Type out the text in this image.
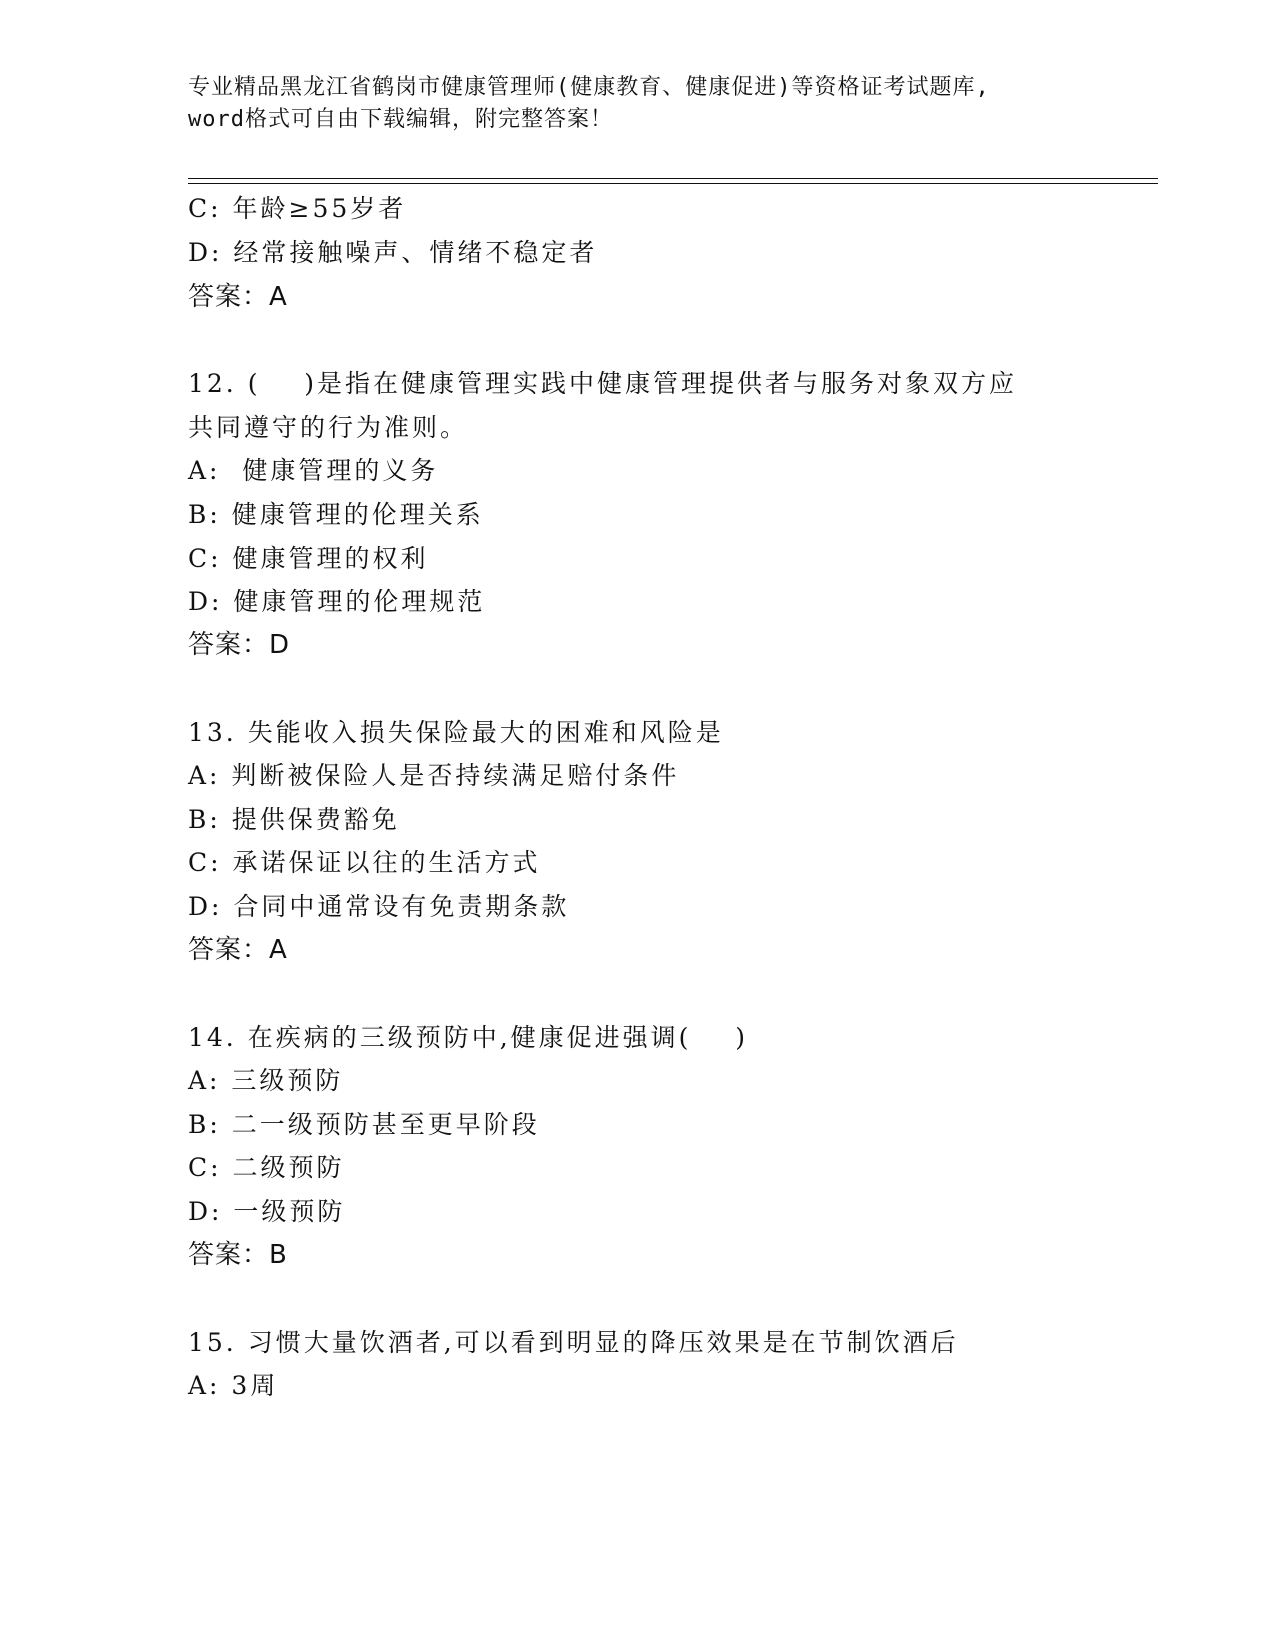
专业精品黑龙江省鹤岗市健康管理师(健康教育、健康促进)等资格证考试题库,
word格式可自由下载编辑，附完整答案！
C: 年龄≥55岁者
D: 经常接触噪声、情绪不稳定者
答案：A
12. (    )是指在健康管理实践中健康管理提供者与服务对象双方应
共同遵守的行为准则。
A:  健康管理的义务
B: 健康管理的伦理关系
C: 健康管理的权利
D: 健康管理的伦理规范
答案：D
13. 失能收入损失保险最大的困难和风险是
A: 判断被保险人是否持续满足赔付条件
B: 提供保费豁免
C: 承诺保证以往的生活方式
D: 合同中通常设有免责期条款
答案：A
14. 在疾病的三级预防中,健康促进强调(    )
A: 三级预防
B: 二一级预防甚至更早阶段
C: 二级预防
D: 一级预防
答案：B
15. 习惯大量饮酒者,可以看到明显的降压效果是在节制饮酒后
A: 3周
